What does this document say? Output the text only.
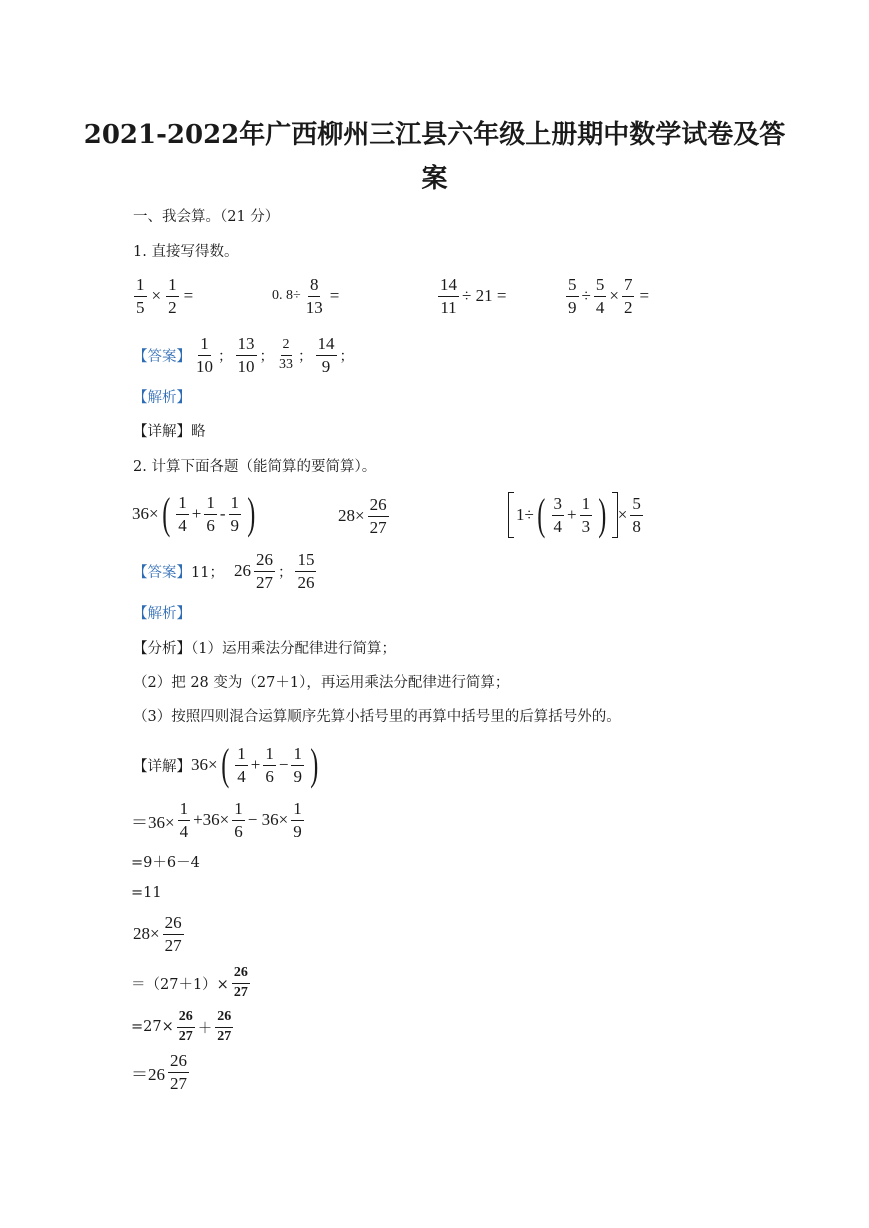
2021-2022年广西柳州三江县六年级上册期中数学试卷及答
案
一、我会算。（21 分）
1. 直接写得数。
$\frac{1}{5} \times \frac{1}{2}$ =	0. $8\div \frac{8}{13}$ =	$\frac{14}{11} \div 21$ =	$\frac{5}{9} \div \frac{5}{4} \times \frac{7}{2}$ =
【答案】
1
10 ；
13
10 ；
2
33 ；
14
9 ；
【解析】
【详解】略
2. 计算下面各题（能简算的要简算）。
36× ( 1
4
+ $\frac{1}{6}$ -
1
9 )	$28\times \frac{26}{27}$	1÷ ( 3
4
+ $\frac{1}{3}$ ) × $\frac{5}{8}$
【答案】 11； 26
26
27 ；
15
26
【解析】
【分析】（1）运用乘法分配律进行简算；
（2）把 28 变为（27＋1），再运用乘法分配律进行简算；
（3）按照四则混合运算顺序先算小括号里的再算中括号里的后算括号外的。
【详解】 36× ( 1
4
+ $\frac{1}{6} - \frac{1}{9}$ )
$=36\times \frac{1}{4} +36\times \frac{1}{6} - 36\times \frac{1}{9}$
=9＋6－4
=11
$28\times \frac{26}{27}$
＝（27＋1）×
26
27
=27×
26
27 ＋
26
27
＝26
26
27
